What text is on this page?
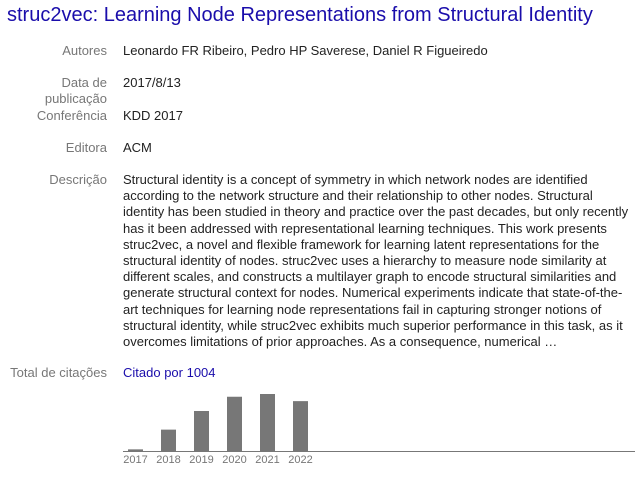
struc2vec: Learning Node Representations from Structural Identity
Autores Leonardo FR Ribeiro, Pedro HP Saverese, Daniel R Figueiredo
Data de
publicação
2017/8/13
Conferência KDD 2017
Editora ACM
Descrição Structural identity is a concept of symmetry in which network nodes are identified according to the network structure and their relationship to other nodes. Structural identity has been studied in theory and practice over the past decades, but only recently has it been addressed with representational learning techniques. This work presents struc2vec, a novel and flexible framework for learning latent representations for the structural identity of nodes. struc2vec uses a hierarchy to measure node similarity at different scales, and constructs a multilayer graph to encode structural similarities and generate structural context for nodes. Numerical experiments indicate that state-of-the-art techniques for learning node representations fail in capturing stronger notions of structural identity, while struc2vec exhibits much superior performance in this task, as it overcomes limitations of prior approaches. As a consequence, numerical …
Total de citações Citado por 1004
2017 2018 2019 2020 2021 2022
